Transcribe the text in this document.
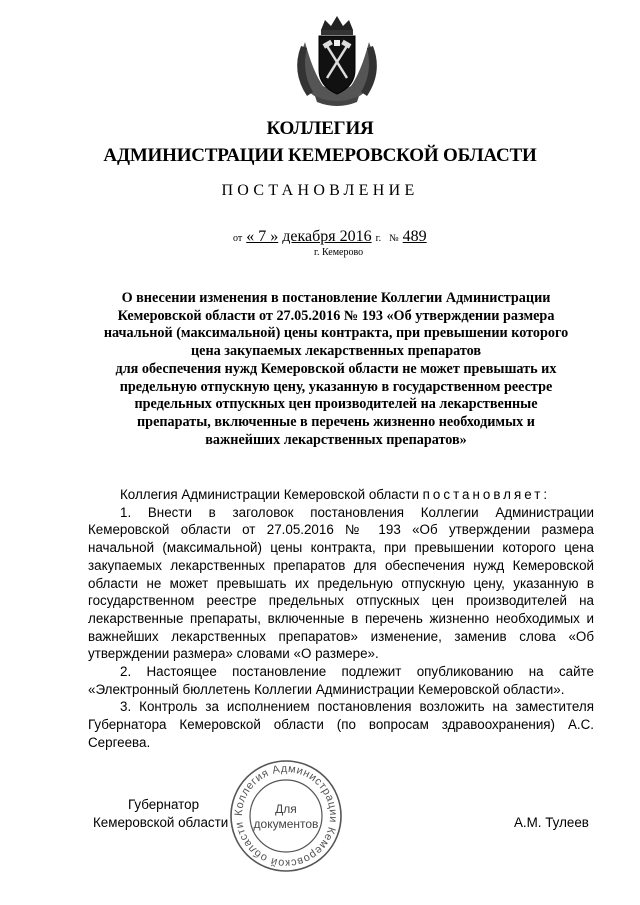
КОЛЛЕГИЯ
АДМИНИСТРАЦИИ КЕМЕРОВСКОЙ ОБЛАСТИ
ПОСТАНОВЛЕНИЕ
от « 7 » декабря 2016 г. № 489
г. Кемерово
О внесении изменения в постановление Коллегии Администрации
Кемеровской области от 27.05.2016 № 193 «Об утверждении размера
начальной (максимальной) цены контракта, при превышении которого
цена закупаемых лекарственных препаратов
для обеспечения нужд Кемеровской области не может превышать их
предельную отпускную цену, указанную в государственном реестре
предельных отпускных цен производителей на лекарственные
препараты, включенные в перечень жизненно необходимых и
важнейших лекарственных препаратов»

Коллегия Администрации Кемеровской области постановляет:

1. Внести в заголовок постановления Коллегии Администрации Кемеровской области от 27.05.2016 № 193 «Об утверждении размера начальной (максимальной) цены контракта, при превышении которого цена закупаемых лекарственных препаратов для обеспечения нужд Кемеровской области не может превышать их предельную отпускную цену, указанную в государственном реестре предельных отпускных цен производителей на лекарственные препараты, включенные в перечень жизненно необходимых и важнейших лекарственных препаратов» изменение, заменив слова «Об утверждении размера» словами «О размере».

2. Настоящее постановление подлежит опубликованию на сайте «Электронный бюллетень Коллегии Администрации Кемеровской области».

3. Контроль за исполнением постановления возложить на заместителя Губернатора Кемеровской области (по вопросам здравоохранения) А.С. Сергеева.

Губернатор
Кемеровской области	А.М. Тулеев
Коллегия Администрации Кемеровской области
Для
документов
